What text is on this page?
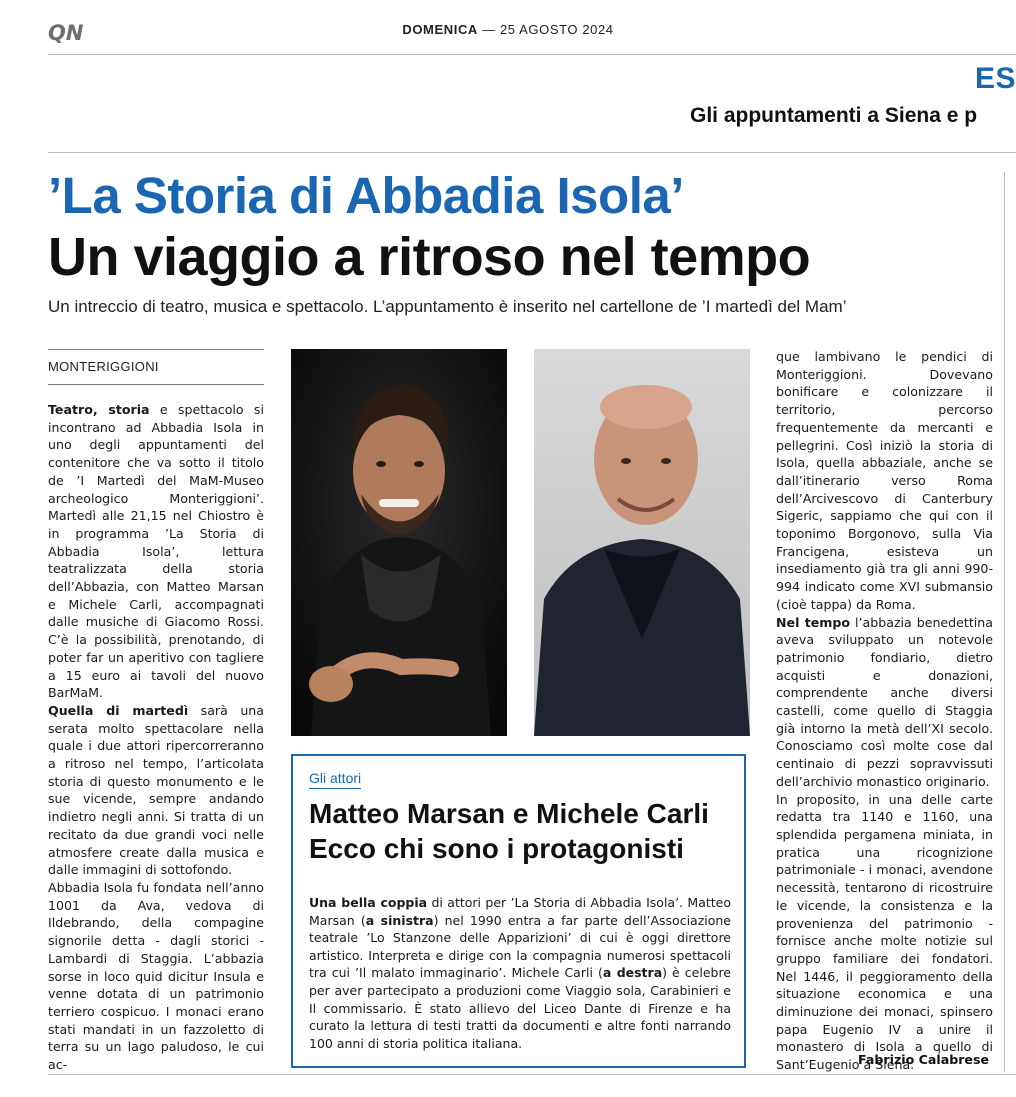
QN	DOMENICA — 25 AGOSTO 2024
ES
Gli appuntamenti a Siena e p
’La Storia di Abbadia Isola’
Un viaggio a ritroso nel tempo
Un intreccio di teatro, musica e spettacolo. L’appuntamento è inserito nel cartellone de ’I martedì del Mam’
MONTERIGGIONI

Teatro, storia e spettacolo si incontrano ad Abbadia Isola in uno degli appuntamenti del contenitore che va sotto il titolo de ’I Martedì del MaM-Museo archeologico Monteriggioni’. Martedì alle 21,15 nel Chiostro è in programma ’La Storia di Abbadia Isola’, lettura teatralizzata della storia dell’Abbazia, con Matteo Marsan e Michele Carli, accompagnati dalle musiche di Giacomo Rossi. C’è la possibilità, prenotando, di poter far un aperitivo con tagliere a 15 euro ai tavoli del nuovo BarMaM.

Quella di martedì sarà una serata molto spettacolare nella quale i due attori ripercorreranno a ritroso nel tempo, l’articolata storia di questo monumento e le sue vicende, sempre andando indietro negli anni. Si tratta di un recitato da due grandi voci nelle atmosfere create dalla musica e dalle immagini di sottofondo.

Abbadia Isola fu fondata nell’anno 1001 da Ava, vedova di Ildebrando, della compagine signorile detta - dagli storici - Lambardi di Staggia. L’abbazia sorse in loco quid dicitur Insula e venne dotata di un patrimonio terriero cospicuo. I monaci erano stati mandati in un fazzoletto di terra su un lago paludoso, le cui ac-

Gli attori
Matteo Marsan e Michele Carli
Ecco chi sono i protagonisti
Una bella coppia di attori per ’La Storia di Abbadia Isola’. Matteo Marsan (a sinistra) nel 1990 entra a far parte dell’Associazione teatrale ’Lo Stanzone delle Apparizioni’ di cui è oggi direttore artistico. Interpreta e dirige con la compagnia numerosi spettacoli tra cui ’Il malato immaginario’. Michele Carli (a destra) è celebre per aver partecipato a produzioni come Viaggio sola, Carabinieri e Il commissario. È stato allievo del Liceo Dante di Firenze e ha curato la lettura di testi tratti da documenti e altre fonti narrando 100 anni di storia politica italiana.

que lambivano le pendici di Monteriggioni. Dovevano bonificare e colonizzare il territorio, percorso frequentemente da mercanti e pellegrini. Così iniziò la storia di Isola, quella abbaziale, anche se dall’itinerario verso Roma dell’Arcivescovo di Canterbury Sigeric, sappiamo che qui con il toponimo Borgonovo, sulla Via Francigena, esisteva un insediamento già tra gli anni 990-994 indicato come XVI submansio (cioè tappa) da Roma.

Nel tempo l’abbazia benedettina aveva sviluppato un notevole patrimonio fondiario, dietro acquisti e donazioni, comprendente anche diversi castelli, come quello di Staggia già intorno la metà dell’XI secolo. Conosciamo così molte cose dal centinaio di pezzi sopravvissuti dell’archivio monastico originario.

In proposito, in una delle carte redatta tra 1140 e 1160, una splendida pergamena miniata, in pratica una ricognizione patrimoniale - i monaci, avendone necessità, tentarono di ricostruire le vicende, la consistenza e la provenienza del patrimonio - fornisce anche molte notizie sul gruppo familiare dei fondatori. Nel 1446, il peggioramento della situazione economica e una diminuzione dei monaci, spinsero papa Eugenio IV a unire il monastero di Isola a quello di Sant’Eugenio a Siena.

Fabrizio Calabrese
